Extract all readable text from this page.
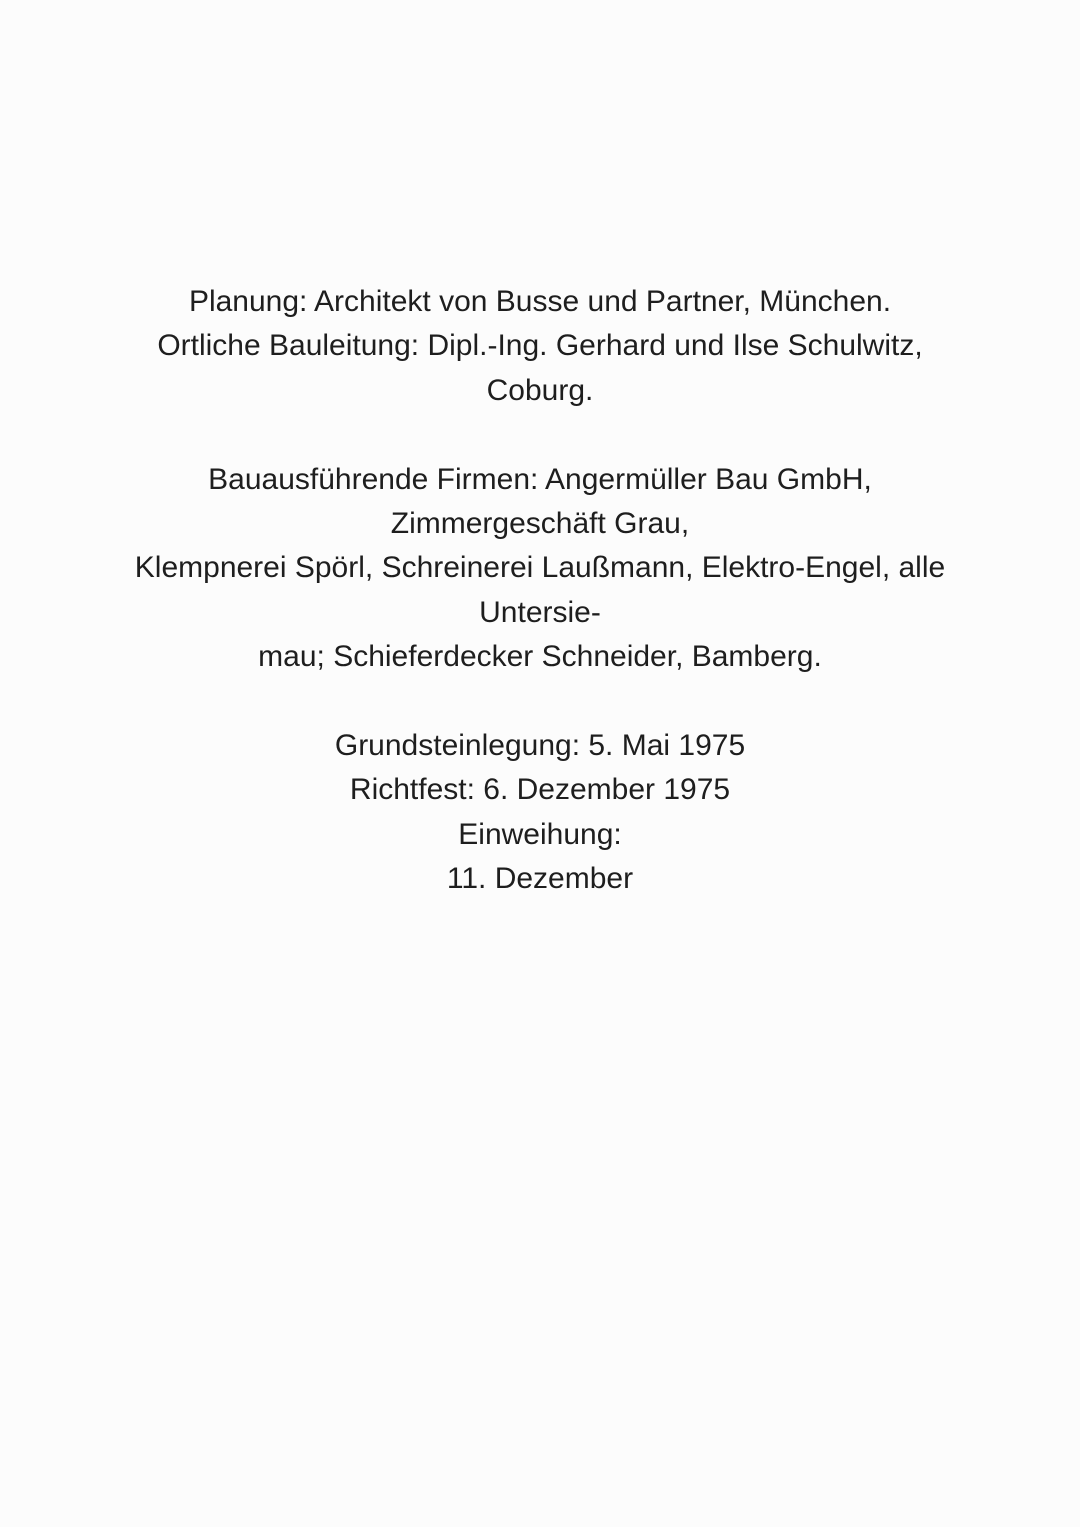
Planung: Architekt von Busse und Partner, München.
Ortliche Bauleitung: Dipl.-Ing. Gerhard und Ilse Schulwitz,
Coburg.

Bauausführende Firmen: Angermüller Bau GmbH,
Zimmergeschäft Grau,
Klempnerei Spörl, Schreinerei Laußmann, Elektro-Engel, alle
Untersie-
mau; Schieferdecker Schneider, Bamberg.

Grundsteinlegung: 5. Mai 1975
Richtfest: 6. Dezember 1975
Einweihung:
11. Dezember
